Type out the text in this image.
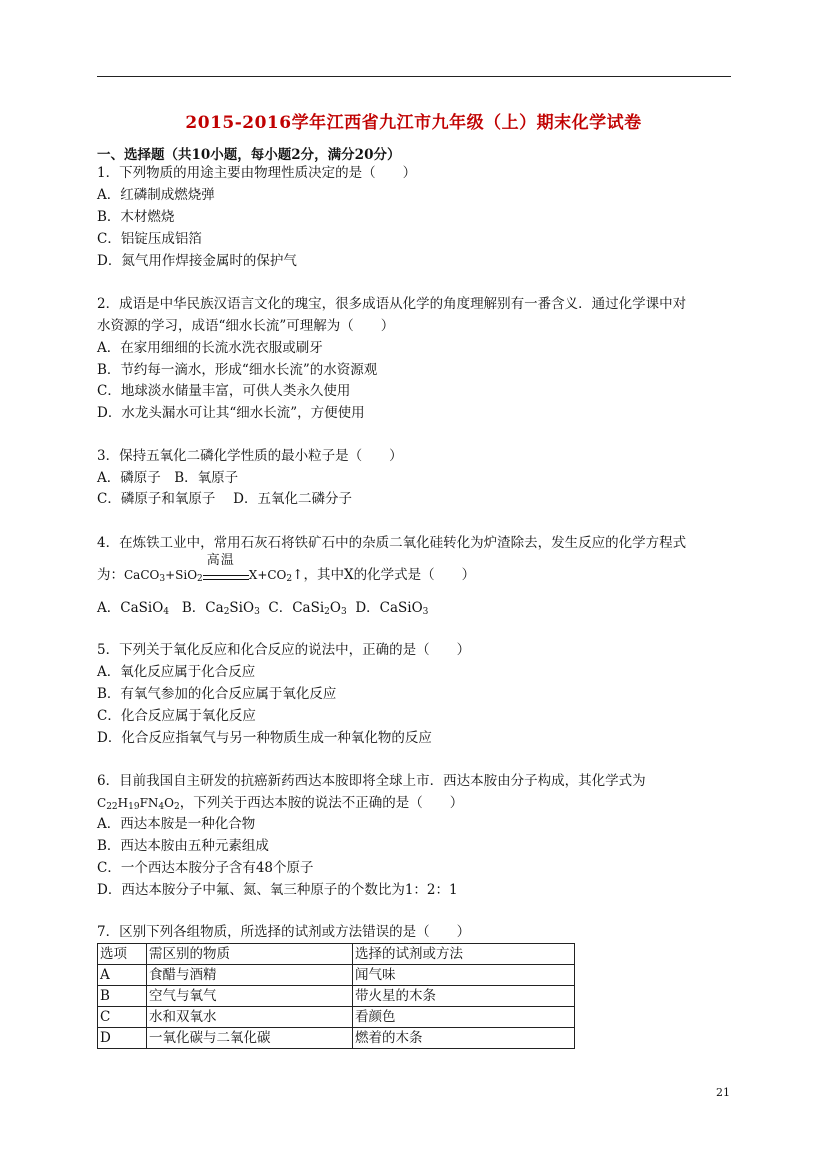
2015-2016学年江西省九江市九年级（上）期末化学试卷
一、选择题（共10小题，每小题2分，满分20分）
1．下列物质的用途主要由物理性质决定的是（　　）
A．红磷制成燃烧弹
B．木材燃烧
C．铝锭压成铝箔
D．氮气用作焊接金属时的保护气
2．成语是中华民族汉语言文化的瑰宝，很多成语从化学的角度理解别有一番含义．通过化学课中对
水资源的学习，成语“细水长流”可理解为（　　）
A．在家用细细的长流水洗衣服或刷牙
B．节约每一滴水，形成“细水长流”的水资源观
C．地球淡水储量丰富，可供人类永久使用
D．水龙头漏水可让其“细水长流”，方便使用
3．保持五氧化二磷化学性质的最小粒子是（　　）
A．磷原子　B．氧原子
C．磷原子和氧原子　 D．五氧化二磷分子
4．在炼铁工业中，常用石灰石将铁矿石中的杂质二氧化硅转化为炉渣除去，发生反应的化学方程式
为：CaCO$_3$+SiO$_2$
高温
$X+CO_2↑$，其中X的化学式是（　　）
A．CaSiO$_4$ B．$Ca_2SiO_3$ C．$CaSi_2O_3$ D．CaSiO$_3$
5．下列关于氧化反应和化合反应的说法中，正确的是（　　）
A．氧化反应属于化合反应
B．有氧气参加的化合反应属于氧化反应
C．化合反应属于氧化反应
D．化合反应指氧气与另一种物质生成一种氧化物的反应
6．目前我国自主研发的抗癌新药西达本胺即将全球上市．西达本胺由分子构成，其化学式为
$C_{22}H_{19}FN_4O_2$，下列关于西达本胺的说法不正确的是（　　）
A．西达本胺是一种化合物
B．西达本胺由五种元素组成
C．一个西达本胺分子含有48个原子
D．西达本胺分子中氟、氮、氧三种原子的个数比为1：2：1
7．区别下列各组物质，所选择的试剂或方法错误的是（　　）
选项	需区别的物质	选择的试剂或方法
A	食醋与酒精	闻气味
B	空气与氧气	带火星的木条
C	水和双氧水	看颜色
D	一氧化碳与二氧化碳	燃着的木条
21
